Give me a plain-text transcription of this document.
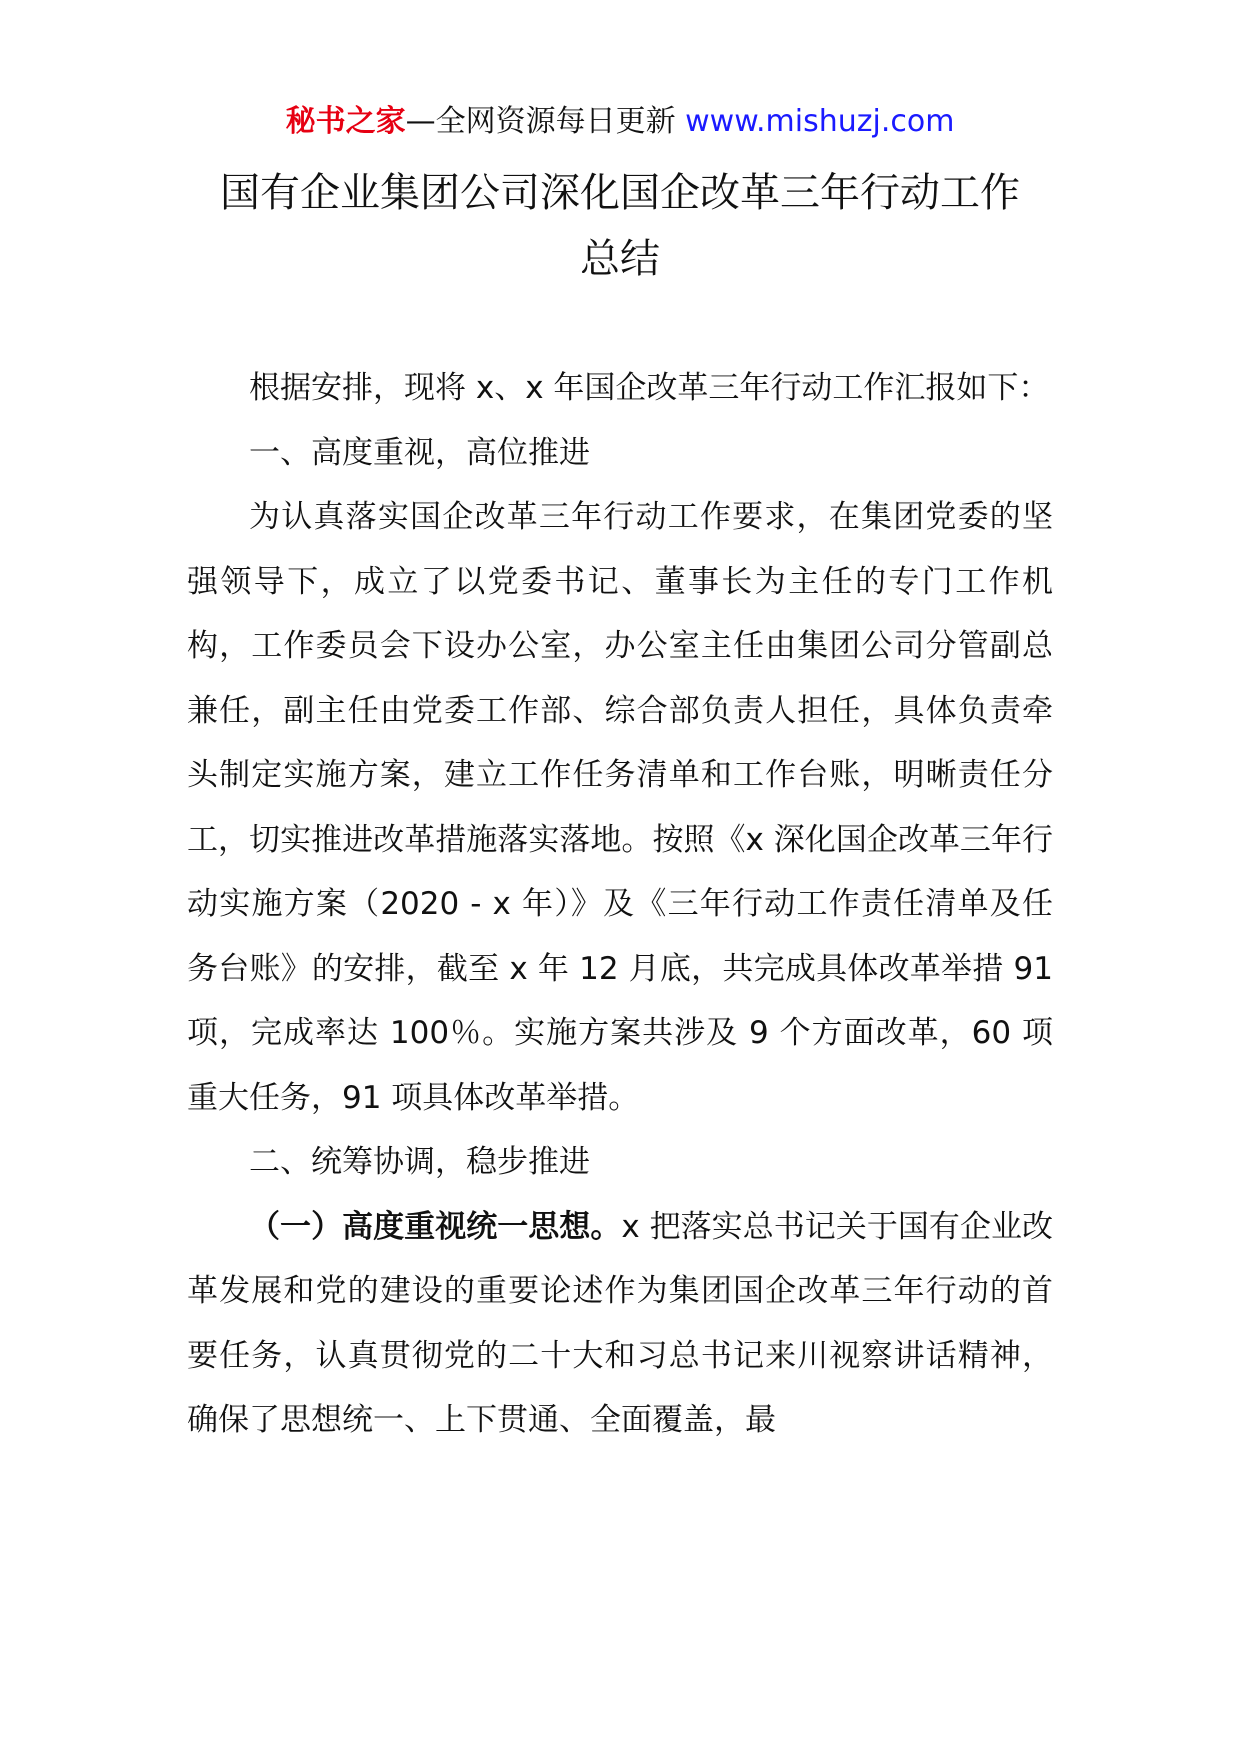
秘书之家—全网资源每日更新 www.mishuzj.com
国有企业集团公司深化国企改革三年行动工作
总结

根据安排，现将 x、x 年国企改革三年行动工作汇报如下：

一、高度重视，高位推进

为认真落实国企改革三年行动工作要求，在集团党委的坚强领导下，成立了以党委书记、董事长为主任的专门工作机构，工作委员会下设办公室，办公室主任由集团公司分管副总兼任，副主任由党委工作部、综合部负责人担任，具体负责牵头制定实施方案，建立工作任务清单和工作台账，明晰责任分工，切实推进改革措施落实落地。按照《x 深化国企改革三年行动实施方案（2020 - x 年）》及《三年行动工作责任清单及任务台账》的安排，截至 x 年 12 月底，共完成具体改革举措 91 项，完成率达 100％。实施方案共涉及 9 个方面改革，60 项重大任务，91 项具体改革举措。

二、统筹协调，稳步推进

（一）高度重视统一思想。x 把落实总书记关于国有企业改革发展和党的建设的重要论述作为集团国企改革三年行动的首要任务，认真贯彻党的二十大和习总书记来川视察讲话精神，确保了思想统一、上下贯通、全面覆盖，最
